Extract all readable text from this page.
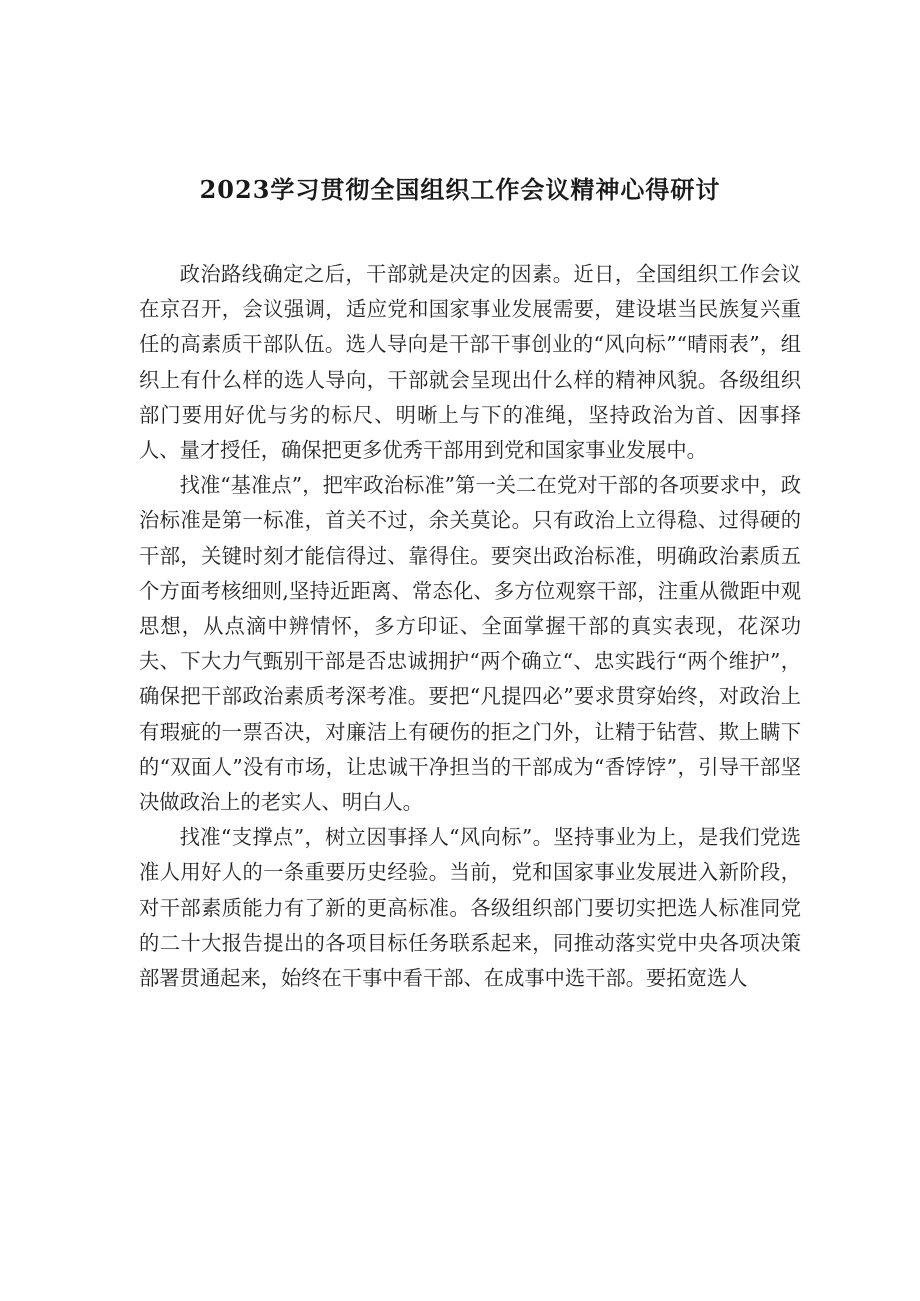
2023学习贯彻全国组织工作会议精神心得研讨

政治路线确定之后，干部就是决定的因素。近日，全国组织工作会议在京召开，会议强调，适应党和国家事业发展需要，建设堪当民族复兴重任的高素质干部队伍。选人导向是干部干事创业的“风向标”“晴雨表”，组织上有什么样的选人导向，干部就会呈现出什么样的精神风貌。各级组织部门要用好优与劣的标尺、明晰上与下的准绳，坚持政治为首、因事择人、量才授任，确保把更多优秀干部用到党和国家事业发展中。

找准“基准点”，把牢政治标准”第一关二在党对干部的各项要求中，政治标准是第一标准，首关不过，余关莫论。只有政治上立得稳、过得硬的干部，关键时刻才能信得过、靠得住。要突出政治标准，明确政治素质五个方面考核细则,坚持近距离、常态化、多方位观察干部，注重从微距中观思想，从点滴中辨情怀，多方印证、全面掌握干部的真实表现，花深功夫、下大力气甄别干部是否忠诚拥护“两个确立“、忠实践行“两个维护”，确保把干部政治素质考深考准。要把“凡提四必”要求贯穿始终，对政治上有瑕疵的一票否决，对廉洁上有硬伤的拒之门外，让精于钻营、欺上瞒下的“双面人”没有市场，让忠诚干净担当的干部成为“香饽饽”，引导干部坚决做政治上的老实人、明白人。

找准“支撑点”，树立因事择人“风向标”。坚持事业为上，是我们党选准人用好人的一条重要历史经验。当前，党和国家事业发展进入新阶段，对干部素质能力有了新的更高标准。各级组织部门要切实把选人标准同党的二十大报告提出的各项目标任务联系起来，同推动落实党中央各项决策部署贯通起来，始终在干事中看干部、在成事中选干部。要拓宽选人
